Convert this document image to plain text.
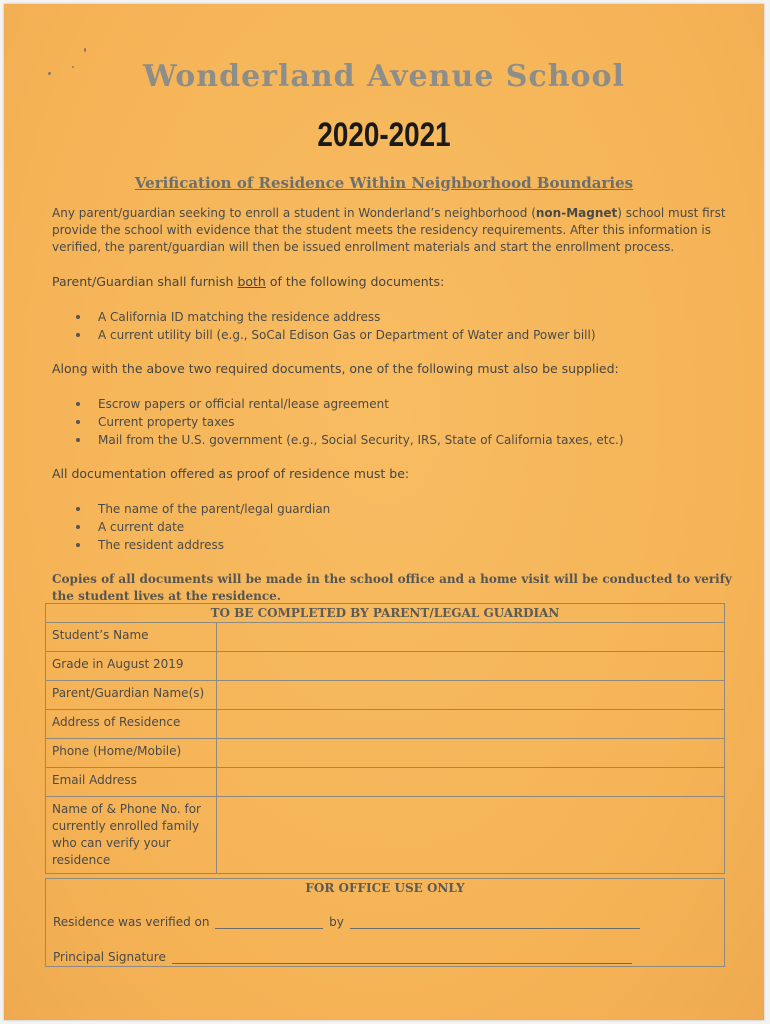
Wonderland Avenue School
2020-2021
Verification of Residence Within Neighborhood Boundaries
Any parent/guardian seeking to enroll a student in Wonderland’s neighborhood (non-Magnet) school must first provide the school with evidence that the student meets the residency requirements. After this information is verified, the parent/guardian will then be issued enrollment materials and start the enrollment process.
Parent/Guardian shall furnish both of the following documents:
A California ID matching the residence address
A current utility bill (e.g., SoCal Edison Gas or Department of Water and Power bill)
Along with the above two required documents, one of the following must also be supplied:
Escrow papers or official rental/lease agreement
Current property taxes
Mail from the U.S. government (e.g., Social Security, IRS, State of California taxes, etc.)
All documentation offered as proof of residence must be:
The name of the parent/legal guardian
A current date
The resident address
Copies of all documents will be made in the school office and a home visit will be conducted to verify the student lives at the residence.
TO BE COMPLETED BY PARENT/LEGAL GUARDIAN	
Student’s Name	
Grade in August 2019	
Parent/Guardian Name(s)	
Address of Residence	
Phone (Home/Mobile)	
Email Address	
Name of & Phone No. for currently enrolled family who can verify your residence	
FOR OFFICE USE ONLY
Residence was verified on	by
Principal Signature
